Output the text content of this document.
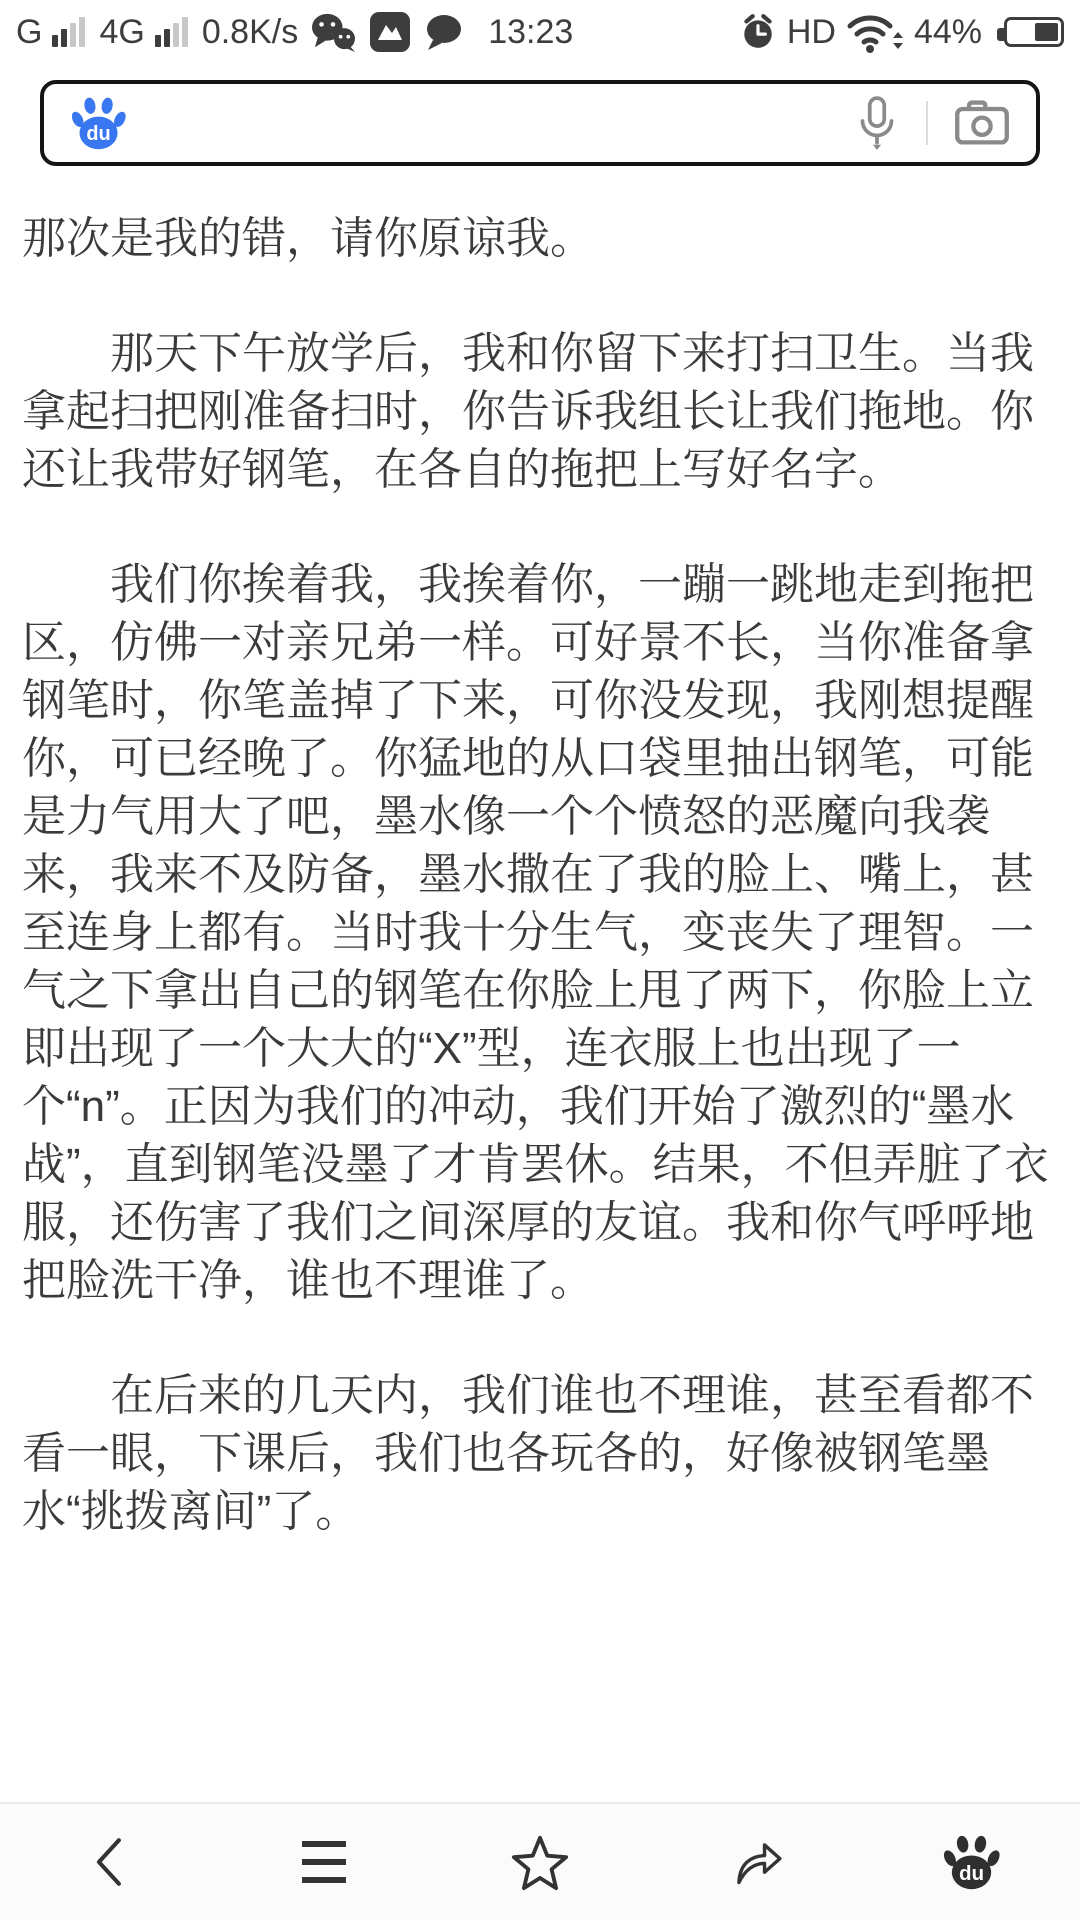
G 4G 0.8K/s	13:23	HD 44%
du

那次是我的错，请你原谅我。

那天下午放学后，我和你留下来打扫卫生。当我拿起扫把刚准备扫时，你告诉我组长让我们拖地。你还让我带好钢笔，在各自的拖把上写好名字。

我们你挨着我，我挨着你，一蹦一跳地走到拖把区，仿佛一对亲兄弟一样。可好景不长，当你准备拿钢笔时，你笔盖掉了下来，可你没发现，我刚想提醒你，可已经晚了。你猛地的从口袋里抽出钢笔，可能是力气用大了吧，墨水像一个个愤怒的恶魔向我袭来，我来不及防备，墨水撒在了我的脸上、嘴上，甚至连身上都有。当时我十分生气，变丧失了理智。一气之下拿出自己的钢笔在你脸上甩了两下，你脸上立即出现了一个大大的“X”型，连衣服上也出现了一个“n”。正因为我们的冲动，我们开始了激烈的“墨水战”，直到钢笔没墨了才肯罢休。结果，不但弄脏了衣服，还伤害了我们之间深厚的友谊。我和你气呼呼地把脸洗干净，谁也不理谁了。

在后来的几天内，我们谁也不理谁，甚至看都不看一眼，下课后，我们也各玩各的，好像被钢笔墨水“挑拨离间”了。

du
